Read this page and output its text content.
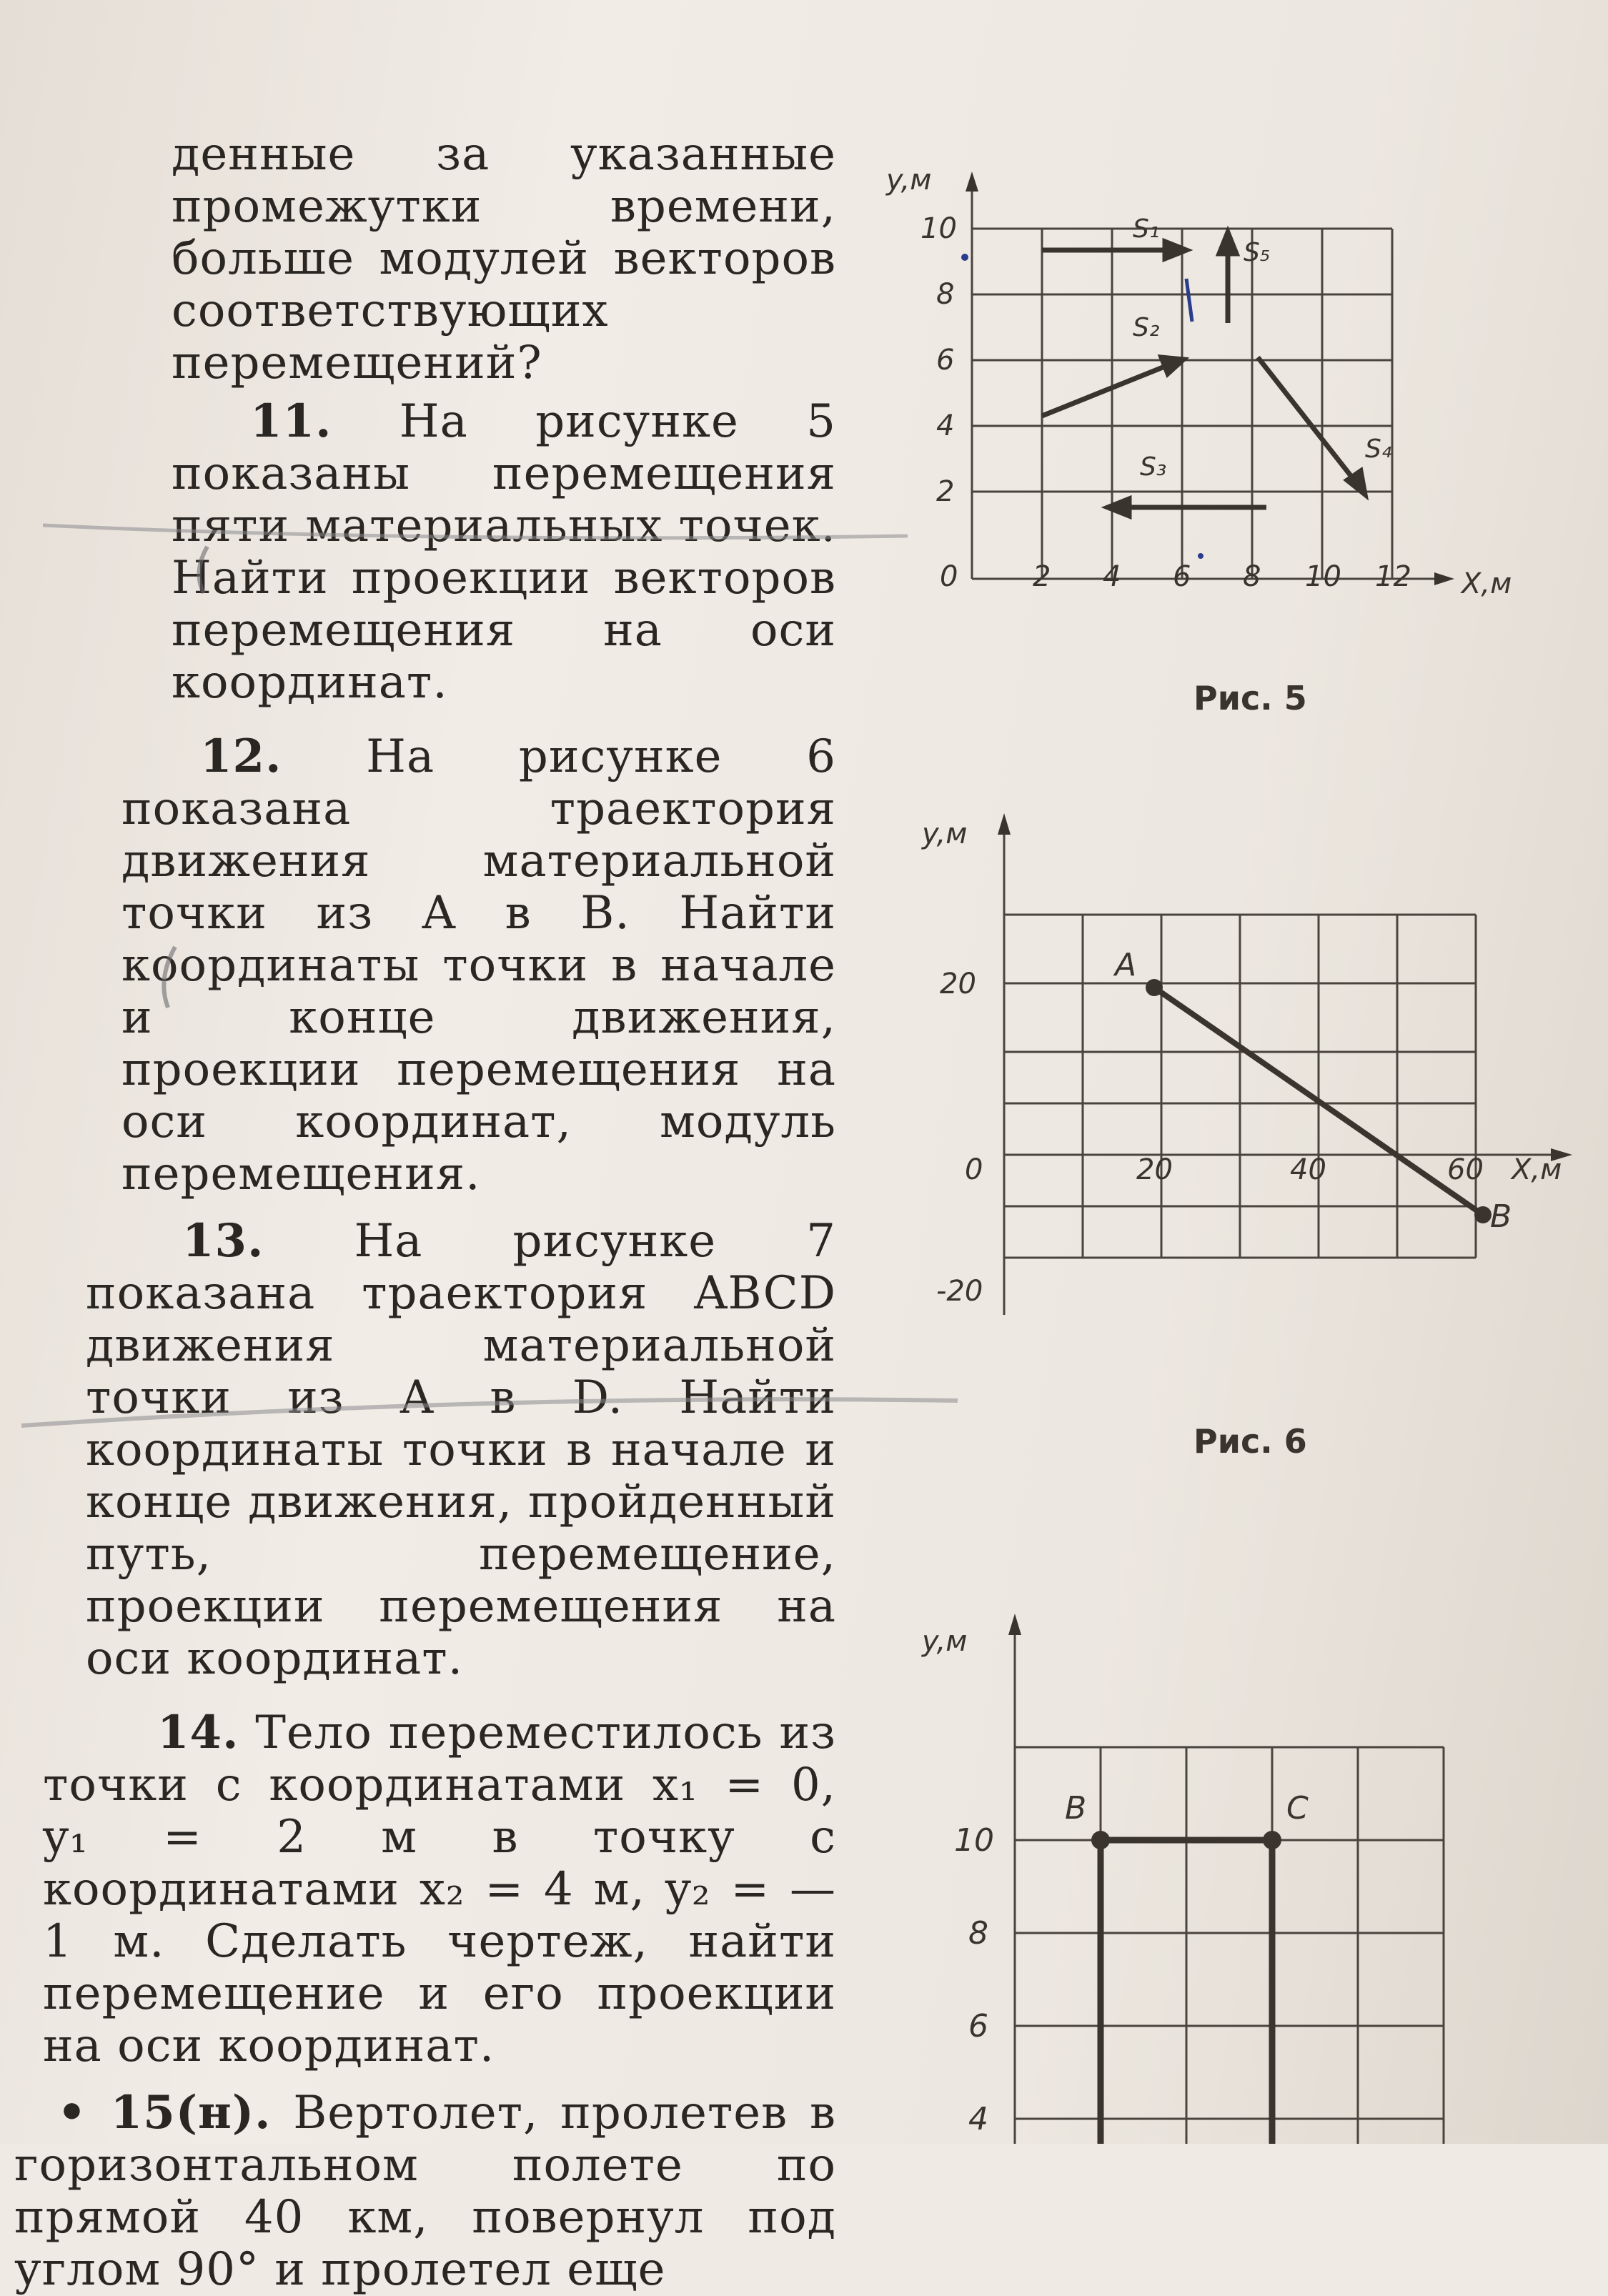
денные за указанные промежутки времени, больше модулей векторов соответствующих перемещений?

11. На рисунке 5 показаны перемещения пяти материальных точек. Найти проекции векторов перемещения на оси координат.

12. На рисунке 6 показана траектория движения материальной точки из A в B. Найти координаты точки в начале и конце движения, проекции перемещения на оси координат, модуль перемещения.

13. На рисунке 7 показана траектория ABCD движения материальной точки из A в D. Найти координаты точки в начале и конце движения, пройденный путь, перемещение, проекции перемещения на оси координат.

14. Тело переместилось из точки с координатами x₁ = 0, y₁ = 2 м в точку с координатами x₂ = 4 м, y₂ = — 1 м. Сделать чертеж, найти перемещение и его проекции на оси координат.

• 15(н). Вертолет, пролетев в горизонтальном полете по прямой 40 км, повернул под углом 90° и пролетел еще

y,м
X,м
10
8
6
4
2
0	2 4 6 8 10 12
S₁
S₂
S₃
S₄
S₅
Рис. 5
y,м
X,м
20
-20
0	20	40	60
A
B
Рис. 6
y,м
10
8
6
4
B	C
